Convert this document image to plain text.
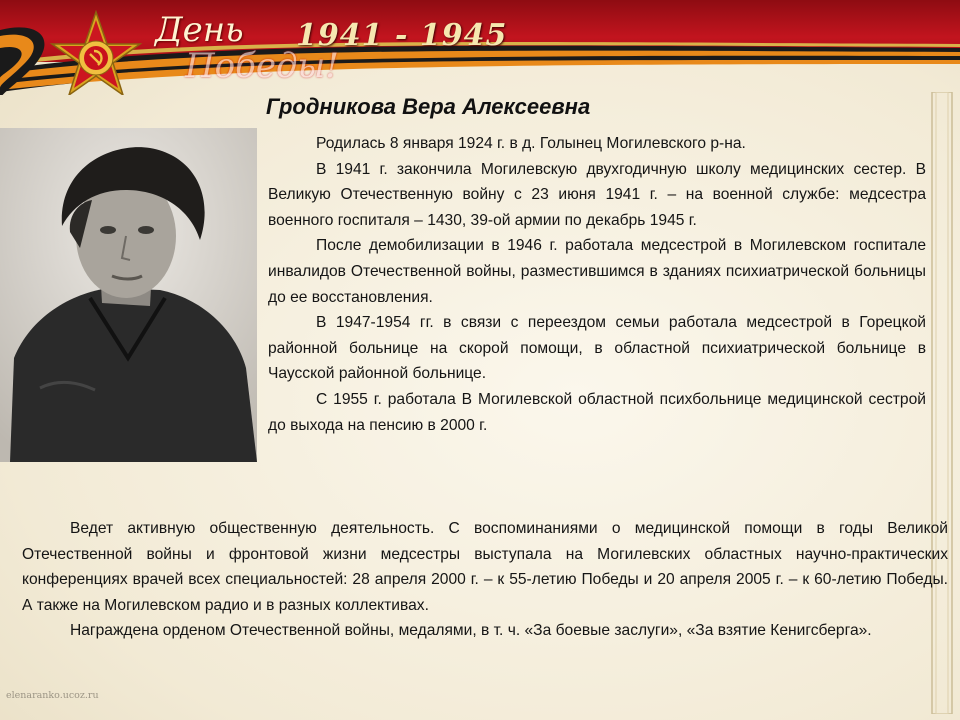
День
Победы!
1941 - 1945
Гродникова Вера Алексеевна

Родилась 8 января 1924 г. в д. Голынец Могилевского р-на.

В 1941 г. закончила Могилевскую двухгодичную школу медицинских сестер. В Великую Отечественную войну с 23 июня 1941 г. – на военной службе: медсестра военного госпиталя – 1430, 39-ой армии по декабрь 1945 г.

После демобилизации в 1946 г. работала медсестрой в Могилевском госпитале инвалидов Отечественной войны, разместившимся в зданиях психиатрической больницы до ее восстановления.

В 1947-1954 гг. в связи с переездом семьи работала медсестрой в Горецкой районной больнице на скорой помощи, в областной психиатрической больнице в Чаусской районной больнице.

С 1955 г. работала В Могилевской областной психбольнице медицинской сестрой до выхода на пенсию в 2000 г.

Ведет активную общественную деятельность. С воспоминаниями о медицинской помощи в годы Великой Отечественной войны и фронтовой жизни медсестры выступала на Могилевских областных научно-практических конференциях врачей всех специальностей: 28 апреля 2000 г. – к 55-летию Победы и 20 апреля 2005 г. – к 60-летию Победы. А также на Могилевском радио и в разных коллективах.

Награждена орденом Отечественной войны, медалями, в т. ч. «За боевые заслуги», «За взятие Кенигсберга».

elenaranko.ucoz.ru
